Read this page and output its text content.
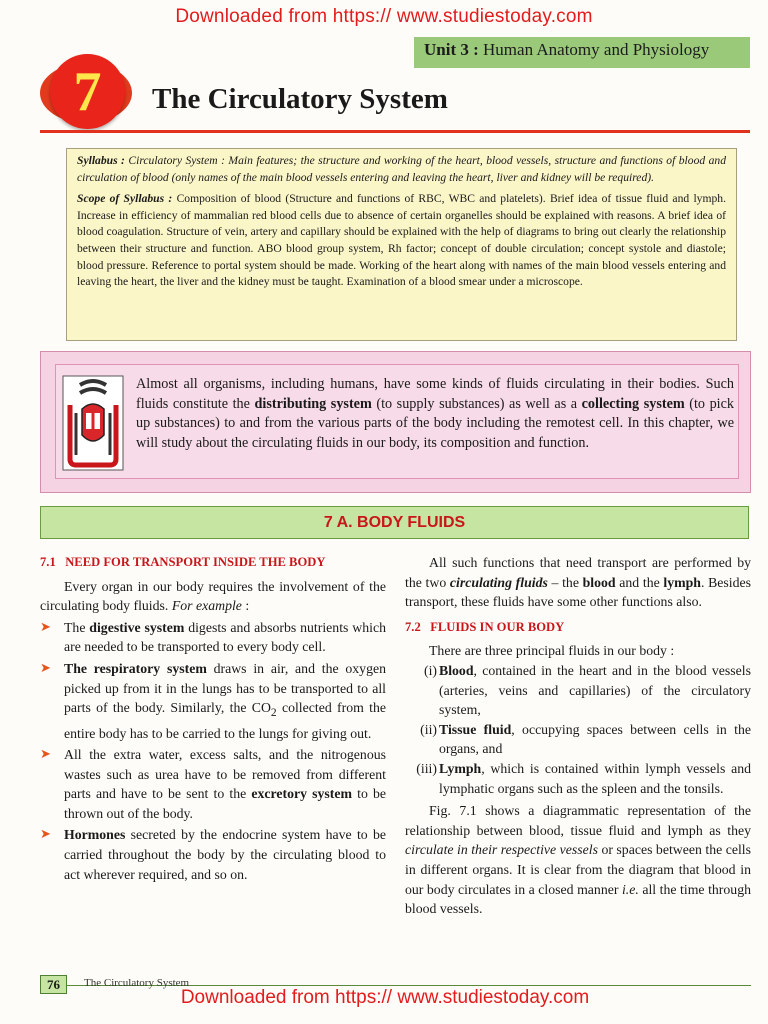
Downloaded from https:// www.studiestoday.com
Unit 3 : Human Anatomy and Physiology
7	The Circulatory System

Syllabus : Circulatory System : Main features; the structure and working of the heart, blood vessels, structure and functions of blood and circulation of blood (only names of the main blood vessels entering and leaving the heart, liver and kidney will be required).

Scope of Syllabus : Composition of blood (Structure and functions of RBC, WBC and platelets). Brief idea of tissue fluid and lymph. Increase in efficiency of mammalian red blood cells due to absence of certain organelles should be explained with reasons. A brief idea of blood coagulation. Structure of vein, artery and capillary should be explained with the help of diagrams to bring out clearly the relationship between their structure and function. ABO blood group system, Rh factor; concept of double circulation; concept systole and diastole; blood pressure. Reference to portal system should be made. Working of the heart along with names of the main blood vessels entering and leaving the heart, the liver and the kidney must be taught. Examination of a blood smear under a microscope.

Almost all organisms, including humans, have some kinds of fluids circulating in their bodies. Such fluids constitute the distributing system (to supply substances) as well as a collecting system (to pick up substances) to and from the various parts of the body including the remotest cell. In this chapter, we will study about the circulating fluids in our body, its composition and function.
7 A. BODY FLUIDS
7.1 NEED FOR TRANSPORT INSIDE THE BODY

Every organ in our body requires the involvement of the circulating body fluids. For example :

➤ The digestive system digests and absorbs nutrients which are needed to be transported to every body cell.

➤ The respiratory system draws in air, and the oxygen picked up from it in the lungs has to be transported to all parts of the body. Similarly, the $CO_2$ collected from the entire body has to be carried to the lungs for giving out.

➤ All the extra water, excess salts, and the nitrogenous wastes such as urea have to be removed from different parts and have to be sent to the excretory system to be thrown out of the body.

➤ Hormones secreted by the endocrine system have to be carried throughout the body by the circulating blood to act wherever required, and so on.

All such functions that need transport are performed by the two circulating fluids – the blood and the lymph. Besides transport, these fluids have some other functions also.

7.2 FLUIDS IN OUR BODY

There are three principal fluids in our body :

(i) Blood, contained in the heart and in the blood vessels (arteries, veins and capillaries) of the circulatory system,

(ii) Tissue fluid, occupying spaces between cells in the organs, and

(iii) Lymph, which is contained within lymph vessels and lymphatic organs such as the spleen and the tonsils.

Fig. 7.1 shows a diagrammatic representation of the relationship between blood, tissue fluid and lymph as they circulate in their respective vessels or spaces between the cells in different organs. It is clear from the diagram that blood in our body circulates in a closed manner i.e. all the time through blood vessels.

76	The Circulatory System
Downloaded from https:// www.studiestoday.com
